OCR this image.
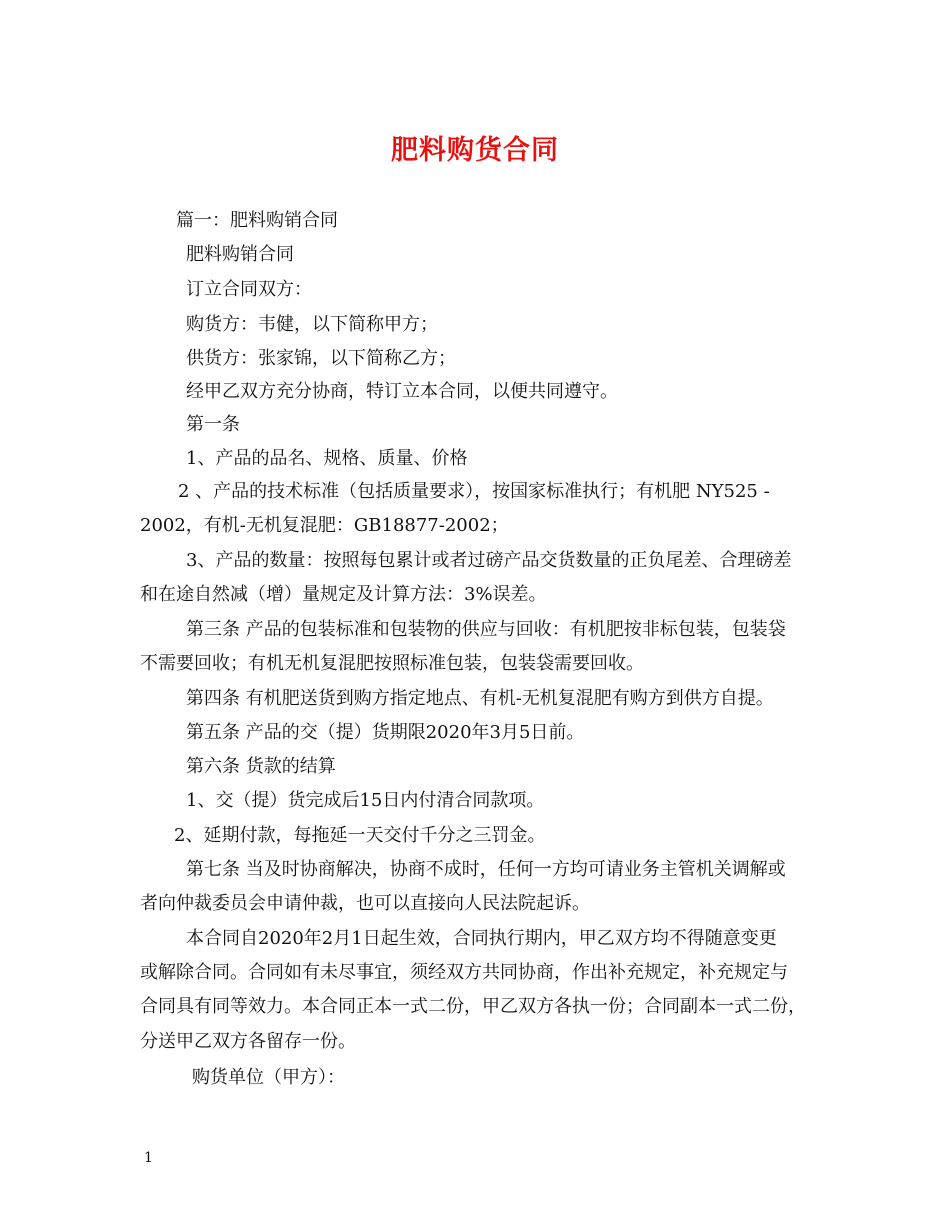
肥料购货合同
篇一：肥料购销合同
肥料购销合同
订立合同双方：
购货方：韦健，以下简称甲方；
供货方：张家锦，以下简称乙方；
经甲乙双方充分协商，特订立本合同，以便共同遵守。
第一条
1、产品的品名、规格、质量、价格
2 、产品的技术标准（包括质量要求），按国家标准执行；有机肥 NY525 -
2002，有机-无机复混肥：GB18877-2002；
3、产品的数量：按照每包累计或者过磅产品交货数量的正负尾差、合理磅差
和在途自然减（增）量规定及计算方法：3%误差。
第三条 产品的包装标准和包装物的供应与回收：有机肥按非标包装，包装袋
不需要回收；有机无机复混肥按照标准包装，包装袋需要回收。
第四条 有机肥送货到购方指定地点、有机-无机复混肥有购方到供方自提。
第五条 产品的交（提）货期限2020年3月5日前。
第六条 货款的结算
1、交（提）货完成后15日内付清合同款项。
2、延期付款，每拖延一天交付千分之三罚金。
第七条 当及时协商解决，协商不成时，任何一方均可请业务主管机关调解或
者向仲裁委员会申请仲裁，也可以直接向人民法院起诉。
本合同自2020年2月1日起生效，合同执行期内，甲乙双方均不得随意变更
或解除合同。合同如有未尽事宜，须经双方共同协商，作出补充规定，补充规定与
合同具有同等效力。本合同正本一式二份，甲乙双方各执一份；合同副本一式二份，
分送甲乙双方各留存一份。
购货单位（甲方）：
1
